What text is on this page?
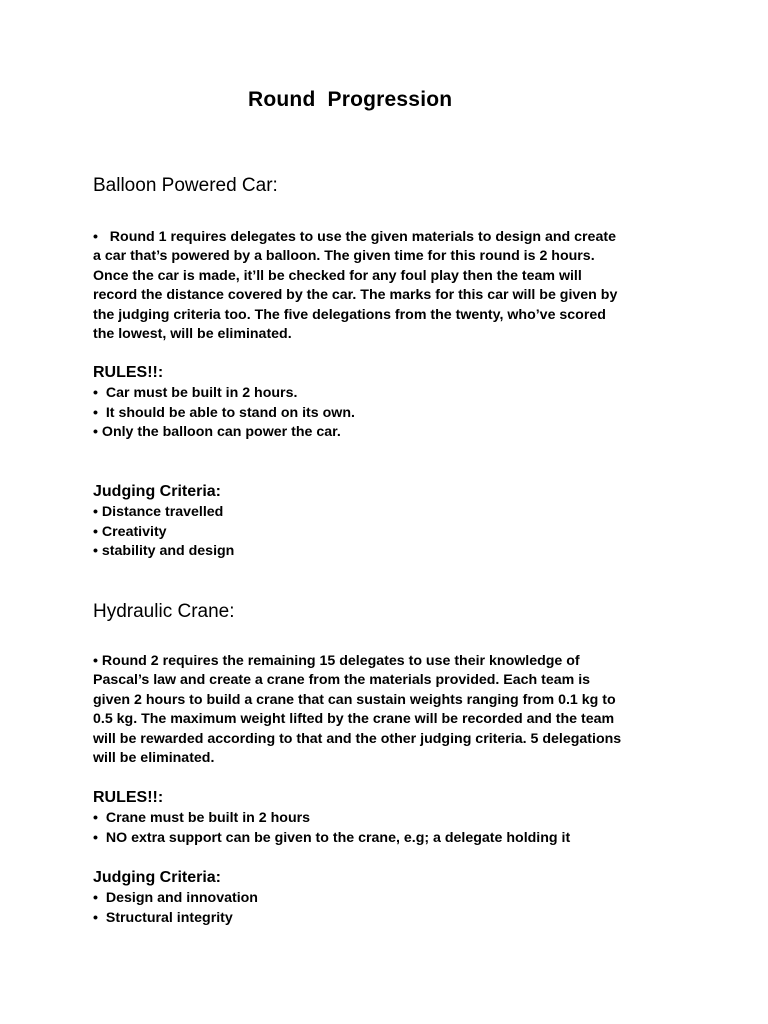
Round  Progression
Balloon Powered Car:
•   Round 1 requires delegates to use the given materials to design and create
a car that’s powered by a balloon. The given time for this round is 2 hours.
Once the car is made, it’ll be checked for any foul play then the team will
record the distance covered by the car. The marks for this car will be given by
the judging criteria too. The five delegations from the twenty, who’ve scored
the lowest, will be eliminated.
RULES!!:
•  Car must be built in 2 hours.
•  It should be able to stand on its own.
• Only the balloon can power the car.
Judging Criteria:
• Distance travelled
• Creativity
• stability and design
Hydraulic Crane:
• Round 2 requires the remaining 15 delegates to use their knowledge of
Pascal’s law and create a crane from the materials provided. Each team is
given 2 hours to build a crane that can sustain weights ranging from 0.1 kg to
0.5 kg. The maximum weight lifted by the crane will be recorded and the team
will be rewarded according to that and the other judging criteria. 5 delegations
will be eliminated.
RULES!!:
•  Crane must be built in 2 hours
•  NO extra support can be given to the crane, e.g; a delegate holding it
Judging Criteria:
•  Design and innovation
•  Structural integrity
